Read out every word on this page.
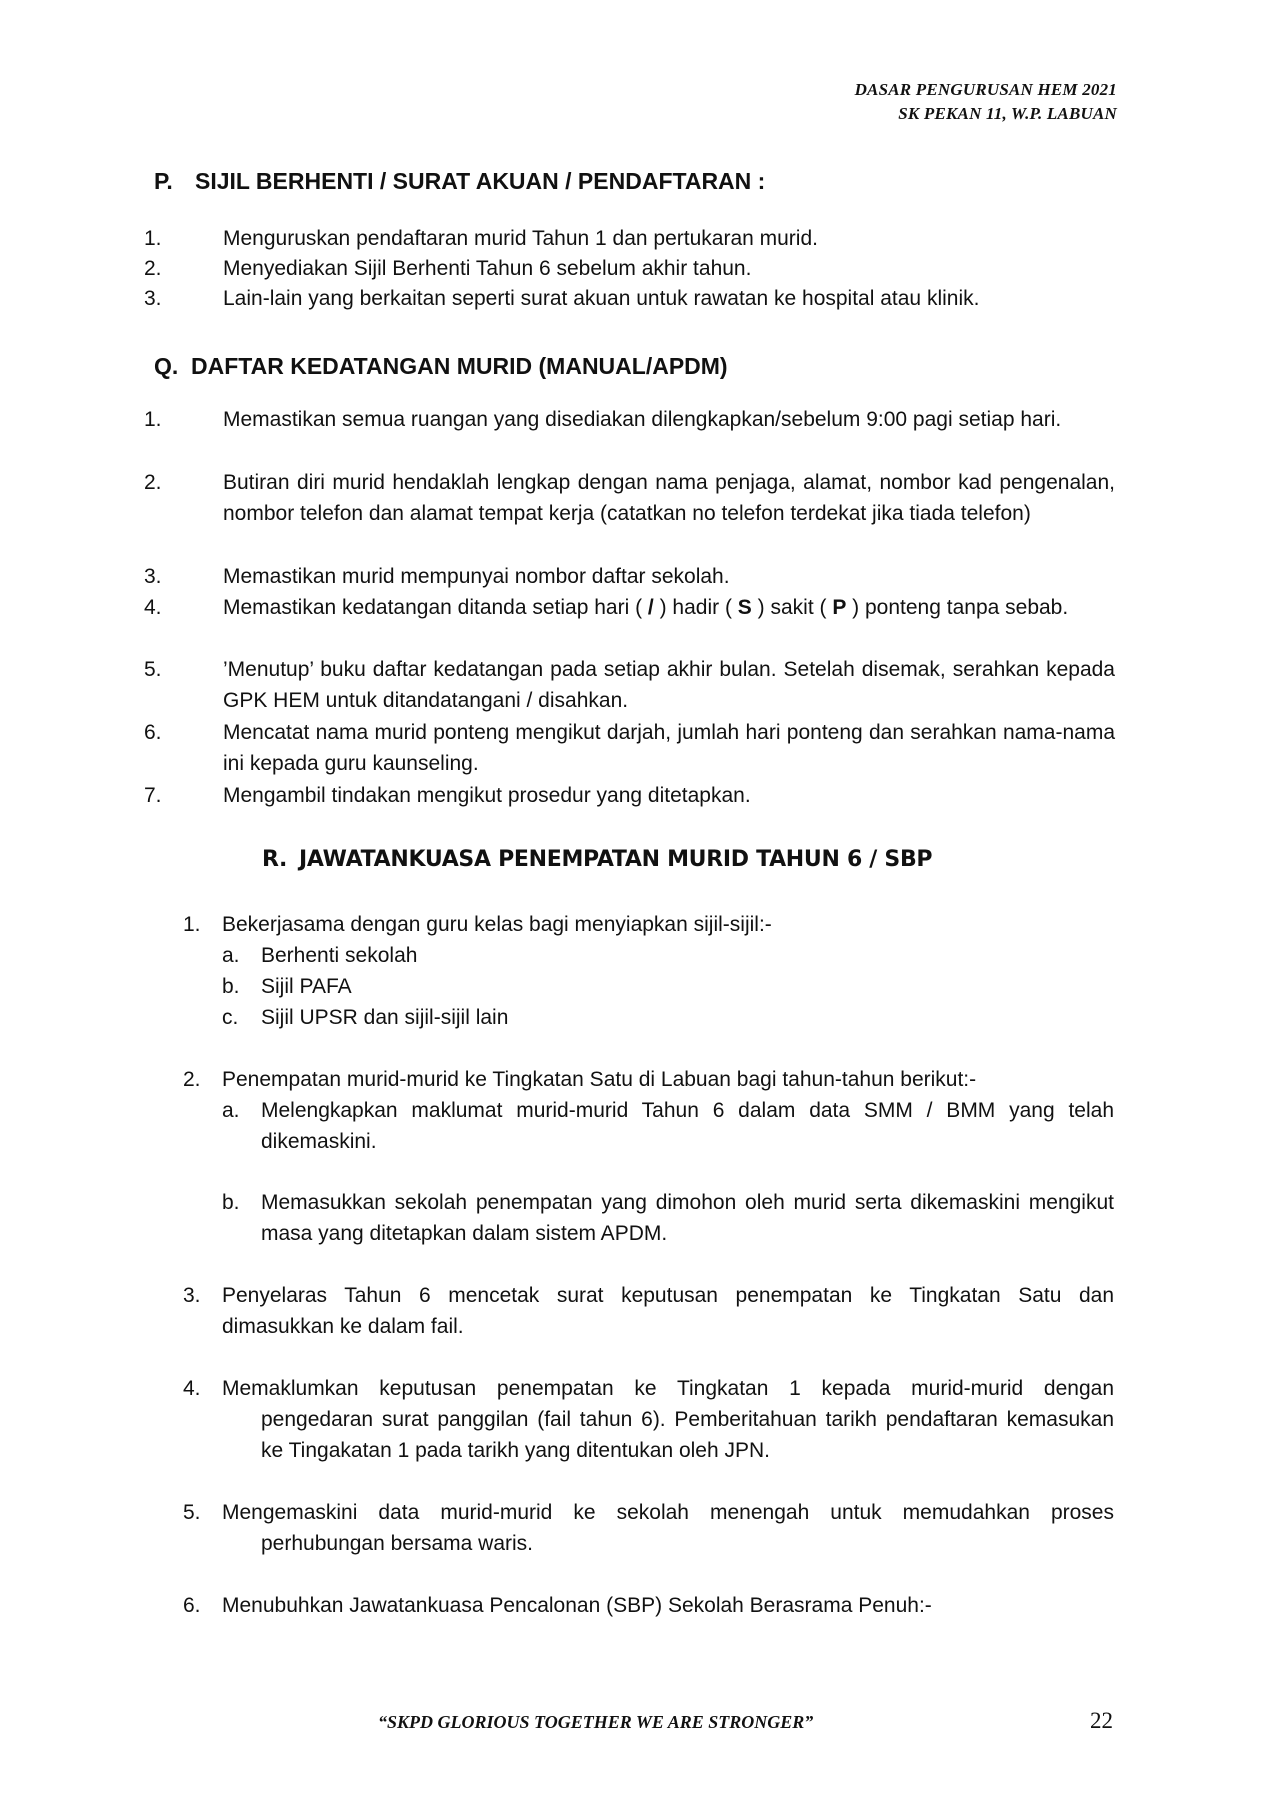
DASAR PENGURUSAN HEM 2021
SK PEKAN 11, W.P. LABUAN
P. SIJIL BERHENTI / SURAT AKUAN / PENDAFTARAN :
1.	Menguruskan pendaftaran murid Tahun 1 dan pertukaran murid.
2.	Menyediakan Sijil Berhenti Tahun 6 sebelum akhir tahun.
3.	Lain-lain yang berkaitan seperti surat akuan untuk rawatan ke hospital atau klinik.
Q. DAFTAR KEDATANGAN MURID (MANUAL/APDM)
1.	Memastikan semua ruangan yang disediakan dilengkapkan/sebelum 9:00 pagi setiap hari.
2.	Butiran diri murid hendaklah lengkap dengan nama penjaga, alamat, nombor kad pengenalan, nombor telefon dan alamat tempat kerja (catatkan no telefon terdekat jika tiada telefon)
3.	Memastikan murid mempunyai nombor daftar sekolah.
4.	Memastikan kedatangan ditanda setiap hari ( / ) hadir ( S ) sakit ( P ) ponteng tanpa sebab.
5.	’Menutup’ buku daftar kedatangan pada setiap akhir bulan. Setelah disemak, serahkan kepada GPK HEM untuk ditandatangani / disahkan.
6.	Mencatat nama murid ponteng mengikut darjah, jumlah hari ponteng dan serahkan nama-nama ini kepada guru kaunseling.
7.	Mengambil tindakan mengikut prosedur yang ditetapkan.
R. JAWATANKUASA PENEMPATAN MURID TAHUN 6 / SBP
1. Bekerjasama dengan guru kelas bagi menyiapkan sijil-sijil:-
a. Berhenti sekolah
b. Sijil PAFA
c. Sijil UPSR dan sijil-sijil lain
2. Penempatan murid-murid ke Tingkatan Satu di Labuan bagi tahun-tahun berikut:-
a. Melengkapkan maklumat murid-murid Tahun 6 dalam data SMM / BMM yang telah dikemaskini.
b. Memasukkan sekolah penempatan yang dimohon oleh murid serta dikemaskini mengikut masa yang ditetapkan dalam sistem APDM.
3. Penyelaras Tahun 6 mencetak surat keputusan penempatan ke Tingkatan Satu dan dimasukkan ke dalam fail.
4. Memaklumkan keputusan penempatan ke Tingkatan 1 kepada murid-murid dengan
pengedaran surat panggilan (fail tahun 6). Pemberitahuan tarikh pendaftaran kemasukan ke Tingakatan 1 pada tarikh yang ditentukan oleh JPN.
5. Mengemaskini data murid-murid ke sekolah menengah untuk memudahkan proses
perhubungan bersama waris.
6. Menubuhkan Jawatankuasa Pencalonan (SBP) Sekolah Berasrama Penuh:-
“SKPD GLORIOUS TOGETHER WE ARE STRONGER”	22
